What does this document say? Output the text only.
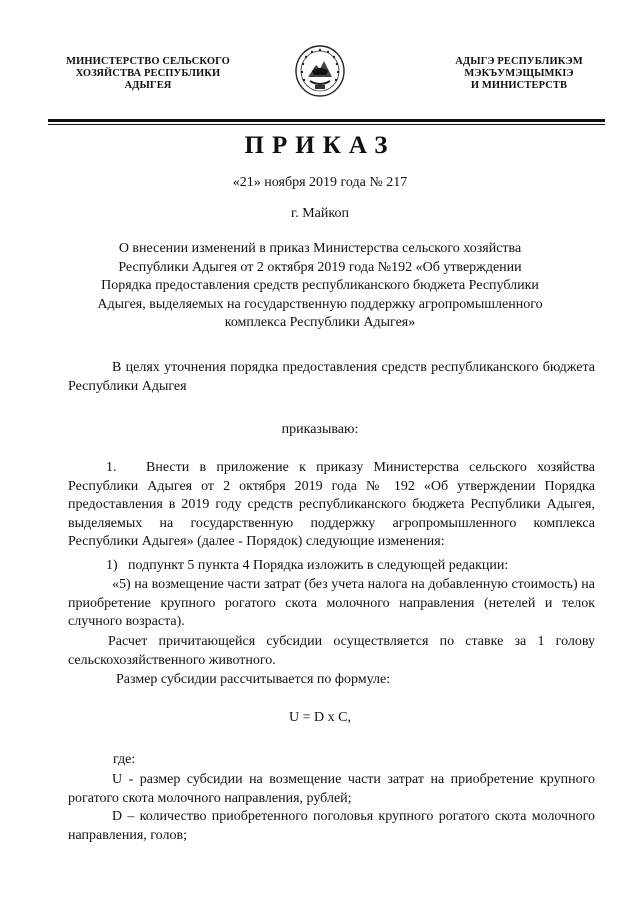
МИНИСТЕРСТВО СЕЛЬСКОГО
ХОЗЯЙСТВА РЕСПУБЛИКИ
АДЫГЕЯ
АДЫГЭ РЕСПУБЛИКЭМ
МЭКЪУМЭЩЫМКIЭ
И МИНИСТЕРСТВ
ПРИКАЗ
«21» ноября 2019 года № 217
г. Майкоп
О внесении изменений в приказ Министерства сельского хозяйства
Республики Адыгея от 2 октября 2019 года №192 «Об утверждении
Порядка предоставления средств республиканского бюджета Республики
Адыгея, выделяемых на государственную поддержку агропромышленного
комплекса Республики Адыгея»
В целях уточнения порядка предоставления средств республиканского бюджета Республики Адыгея
приказываю:
1. Внести в приложение к приказу Министерства сельского хозяйства Республики Адыгея от 2 октября 2019 года № 192 «Об утверждении Порядка предоставления в 2019 году средств республиканского бюджета Республики Адыгея, выделяемых на государственную поддержку агропромышленного комплекса Республики Адыгея» (далее - Порядок) следующие изменения:
1) подпункт 5 пункта 4 Порядка изложить в следующей редакции:
«5) на возмещение части затрат (без учета налога на добавленную стоимость) на приобретение крупного рогатого скота молочного направления (нетелей и телок случного возраста).
Расчет причитающейся субсидии осуществляется по ставке за 1 голову сельскохозяйственного животного.
Размер субсидии рассчитывается по формуле:
U = D x C,
где:
U - размер субсидии на возмещение части затрат на приобретение крупного рогатого скота молочного направления, рублей;
D – количество приобретенного поголовья крупного рогатого скота молочного направления, голов;
